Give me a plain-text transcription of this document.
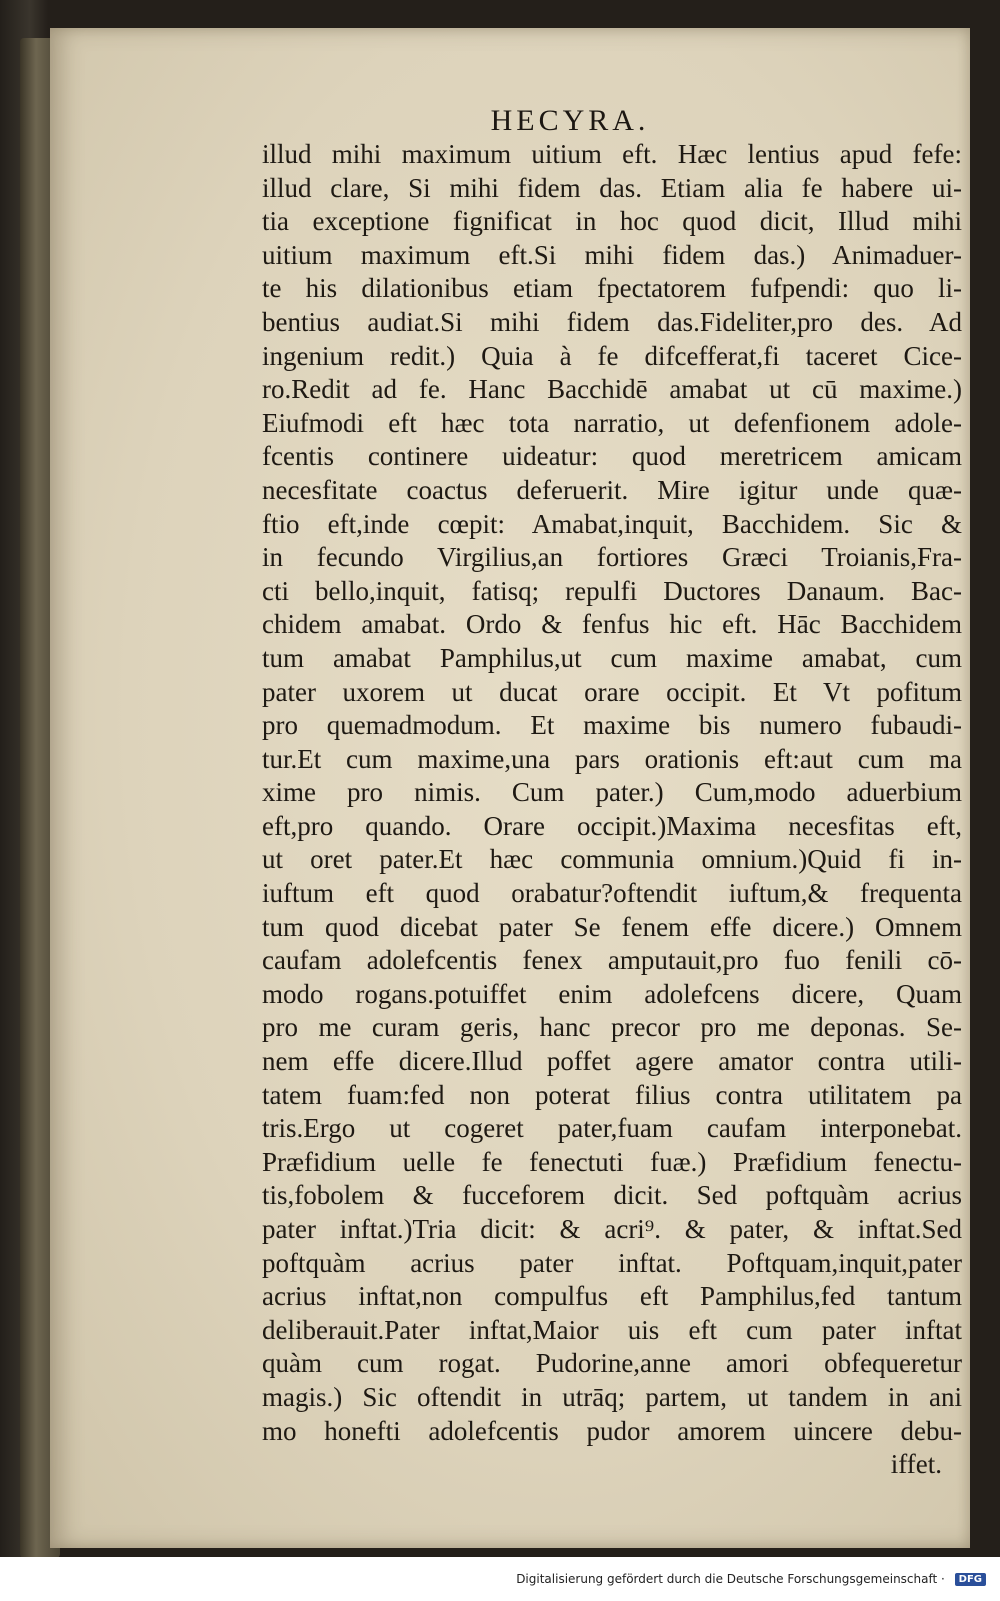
HECYRA.
illud mihi maximum uitium eft. Hæc lentius apud fefe:
illud clare, Si mihi fidem das. Etiam alia fe habere ui-
tia exceptione fignificat in hoc quod dicit, Illud mihi
uitium maximum eft.Si mihi fidem das.) Animaduer-
te his dilationibus etiam fpectatorem fufpendi: quo li-
bentius audiat.Si mihi fidem das.Fideliter,pro des. Ad
ingenium redit.) Quia à fe difcefferat,fi taceret Cice-
ro.Redit ad fe. Hanc Bacchidē amabat ut cū maxime.)
Eiufmodi eft hæc tota narratio, ut defenfionem adole-
fcentis continere uideatur: quod meretricem amicam
necesfitate coactus deferuerit. Mire igitur unde quæ-
ftio eft,inde cœpit: Amabat,inquit, Bacchidem. Sic &
in fecundo Virgilius,an fortiores Græci Troianis,Fra-
cti bello,inquit, fatisq; repulfi Ductores Danaum. Bac-
chidem amabat. Ordo & fenfus hic eft. Hāc Bacchidem
tum amabat Pamphilus,ut cum maxime amabat, cum
pater uxorem ut ducat orare occipit. Et Vt pofitum
pro quemadmodum. Et maxime bis numero fubaudi-
tur.Et cum maxime,una pars orationis eft:aut cum ma
xime pro nimis. Cum pater.) Cum,modo aduerbium
eft,pro quando. Orare occipit.)Maxima necesfitas eft,
ut oret pater.Et hæc communia omnium.)Quid fi in-
iuftum eft quod orabatur?oftendit iuftum,& frequenta
tum quod dicebat pater Se fenem effe dicere.) Omnem
caufam adolefcentis fenex amputauit,pro fuo fenili cō-
modo rogans.potuiffet enim adolefcens dicere, Quam
pro me curam geris, hanc precor pro me deponas. Se-
nem effe dicere.Illud poffet agere amator contra utili-
tatem fuam:fed non poterat filius contra utilitatem pa
tris.Ergo ut cogeret pater,fuam caufam interponebat.
Præfidium uelle fe fenectuti fuæ.) Præfidium fenectu-
tis,fobolem & fucceforem dicit. Sed poftquàm acrius
pater inftat.)Tria dicit: & acri⁹. & pater, & inftat.Sed
poftquàm acrius pater inftat. Poftquam,inquit,pater
acrius inftat,non compulfus eft Pamphilus,fed tantum
deliberauit.Pater inftat,Maior uis eft cum pater inftat
quàm cum rogat. Pudorine,anne amori obfequeretur
magis.) Sic oftendit in utrāq; partem, ut tandem in ani
mo honefti adolefcentis pudor amorem uincere debu-
iffet.
Digitalisierung gefördert durch die Deutsche Forschungsgemeinschaft ·	DFG
